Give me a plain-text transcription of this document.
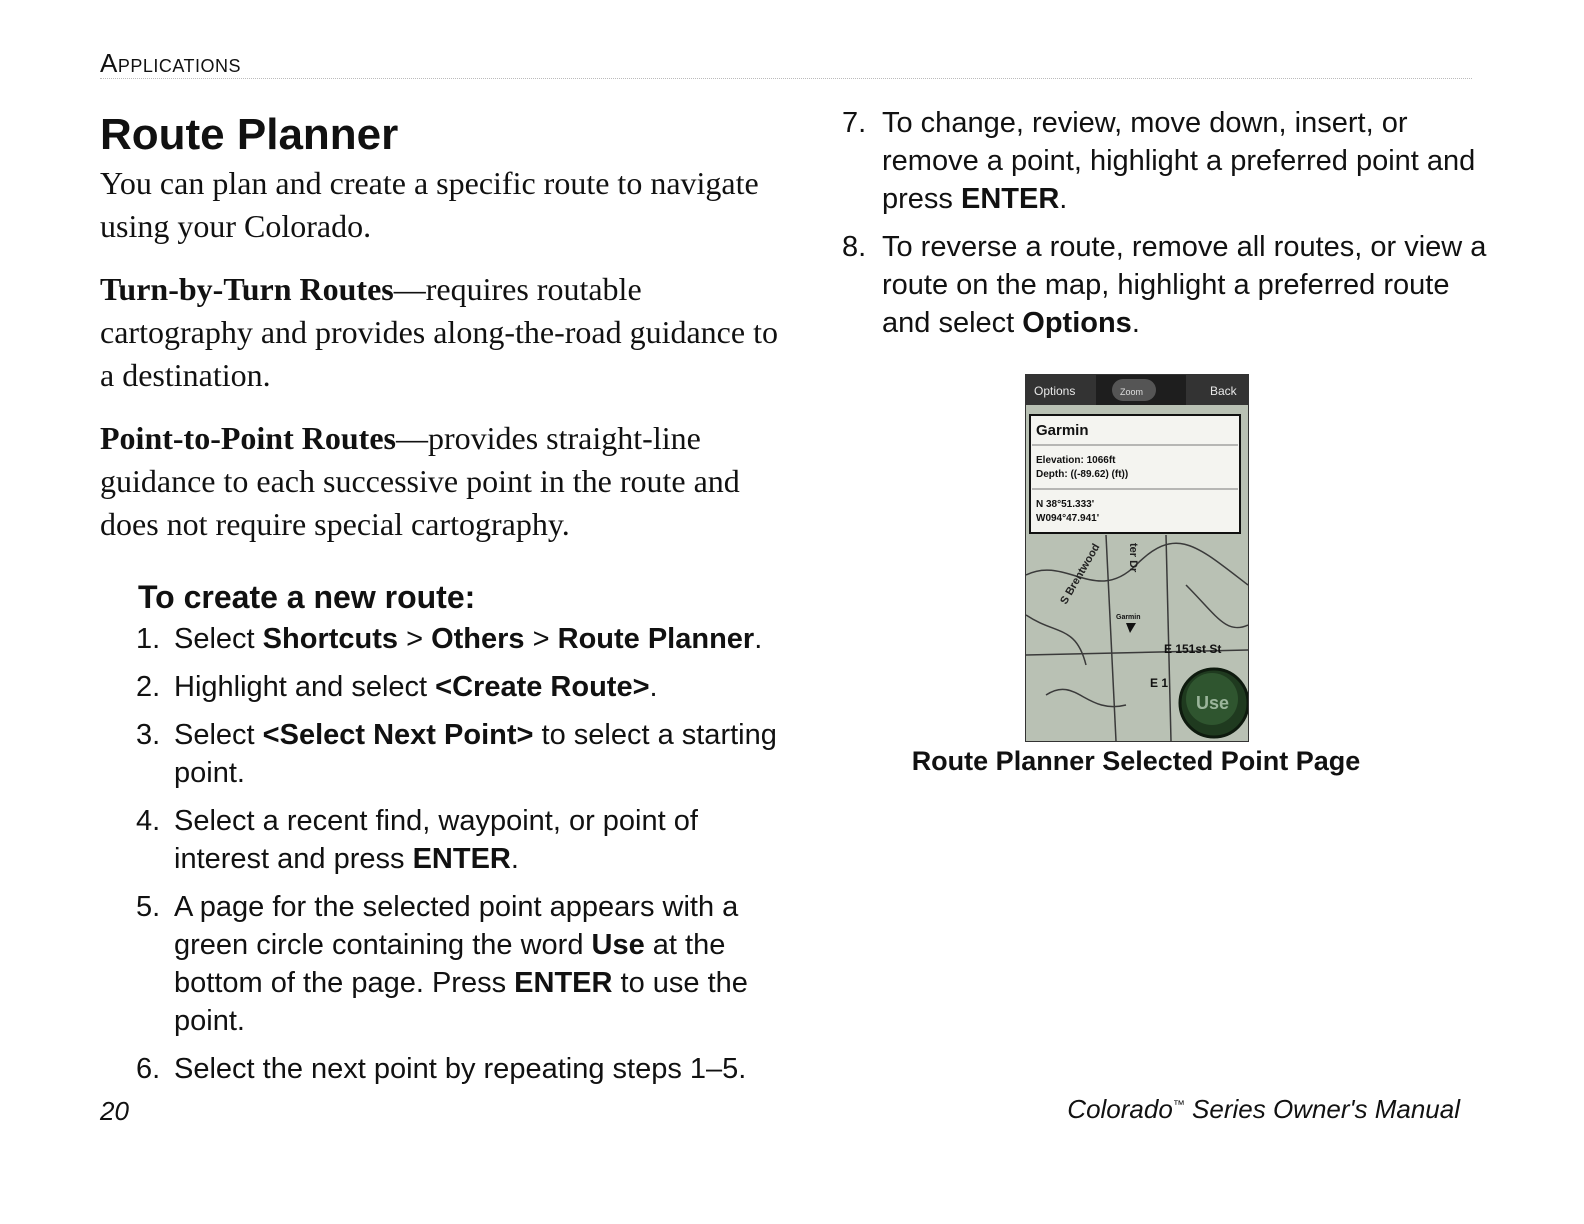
Applications
Route Planner

You can plan and create a specific route to navigate using your Colorado.

Turn-by-Turn Routes—requires routable cartography and provides along-the-road guidance to a destination.

Point-to-Point Routes—provides straight-line guidance to each successive point in the route and does not require special cartography.

To create a new route:
1. Select Shortcuts > Others > Route Planner.
2. Highlight and select <Create Route>.
3. Select <Select Next Point> to select a starting point.
4. Select a recent find, waypoint, or point of interest and press ENTER.
5. A page for the selected point appears with a green circle containing the word Use at the bottom of the page. Press ENTER to use the point.
6. Select the next point by repeating steps 1–5.
7. To change, review, move down, insert, or remove a point, highlight a preferred point and press ENTER.
8. To reverse a route, remove all routes, or view a route on the map, highlight a preferred route and select Options.
Options	Zoom	Back
Garmin
Elevation: 1066ft
Depth: ((-89.62) (ft))
N 38°51.333'
W094°47.941'
S Brentwood ter Dr
E 151st St
E 1
Garmin
Use
Route Planner Selected Point Page
20	Colorado™ Series Owner's Manual
